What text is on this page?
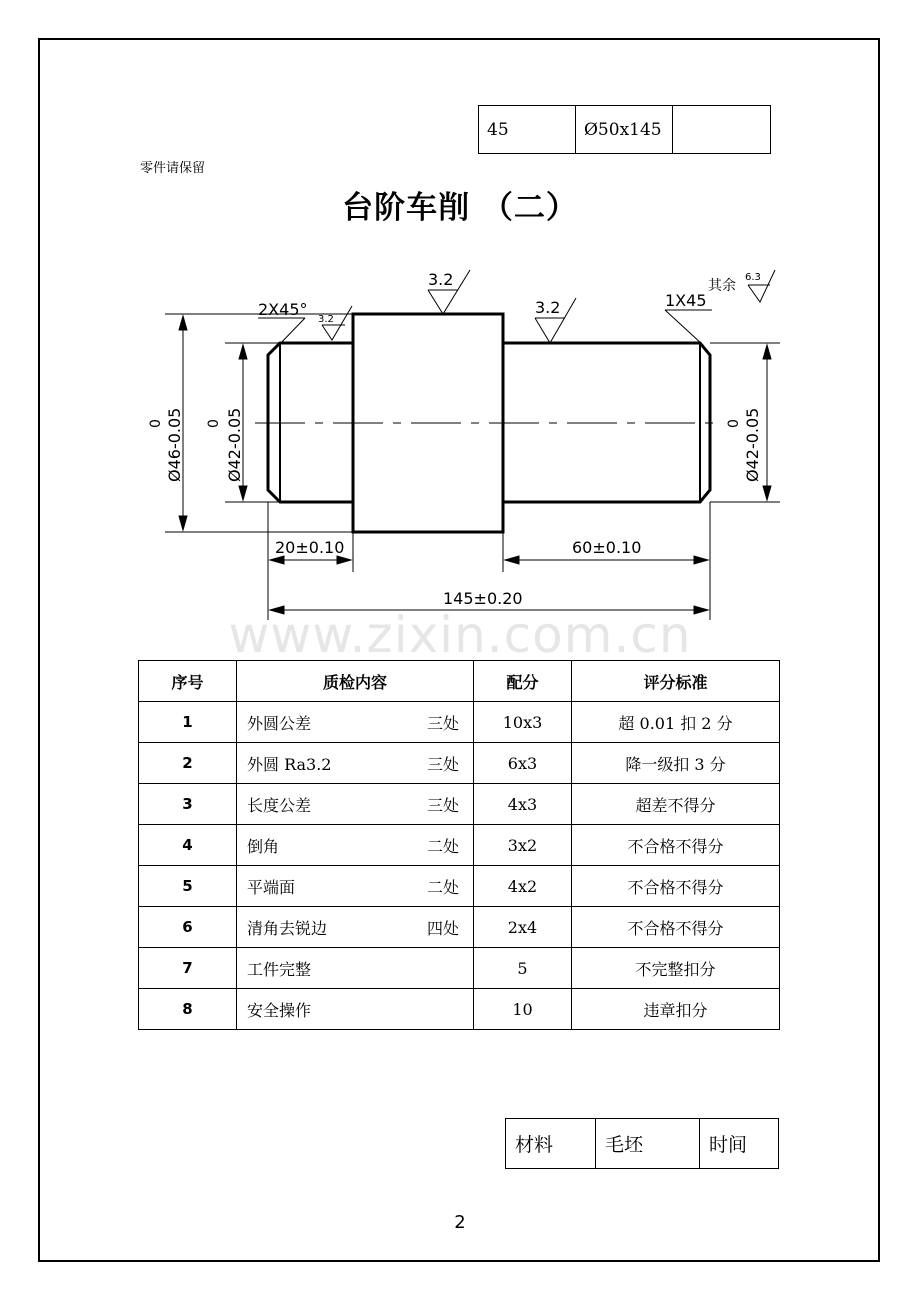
45	Ø50x145	
零件请保留
台阶车削 （二）
2X45°	1X45
3.2
3.2
3.2
其余
6.3
20±0.10	60±0.10
145±0.20
Ø46-0.05
0	Ø42-0.05
0	Ø42-0.05
0
www.zixin.com.cn
序号	质检内容	配分	评分标准
1	外圆公差 三处	10x3	超 0.01 扣 2 分
2	外圆 Ra3.2 三处	6x3	降一级扣 3 分
3	长度公差 三处	4x3	超差不得分
4	倒角 二处	3x2	不合格不得分
5	平端面 二处	4x2	不合格不得分
6	清角去锐边 四处	2x4	不合格不得分
7	工件完整	5	不完整扣分
8	安全操作	10	违章扣分
材料	毛坯	时间
2
